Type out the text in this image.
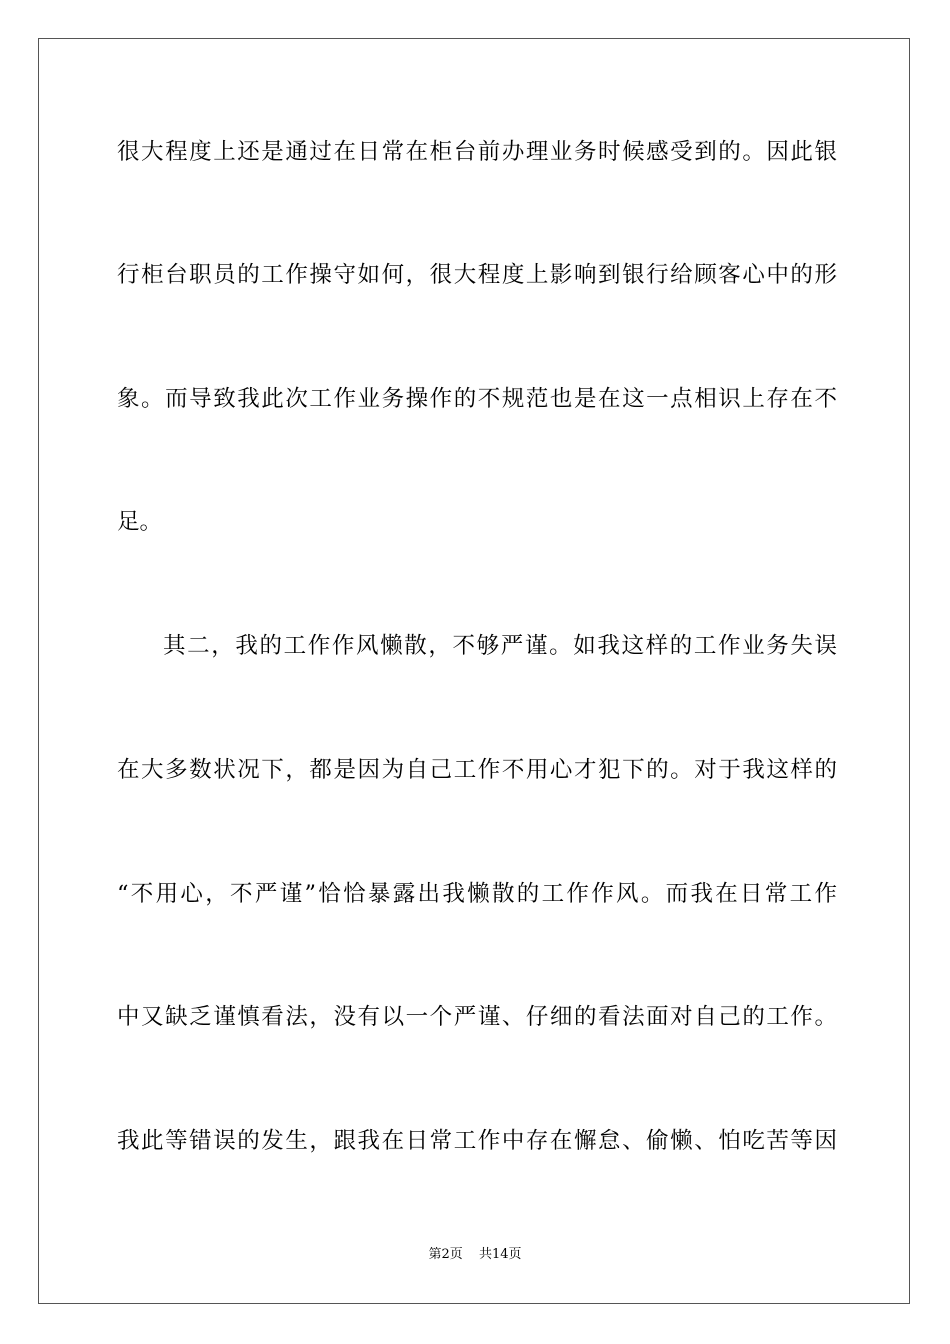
很大程度上还是通过在日常在柜台前办理业务时候感受到的。因此银

行柜台职员的工作操守如何，很大程度上影响到银行给顾客心中的形

象。而导致我此次工作业务操作的不规范也是在这一点相识上存在不

足。

其二，我的工作作风懒散，不够严谨。如我这样的工作业务失误

在大多数状况下，都是因为自己工作不用心才犯下的。对于我这样的

“不用心，不严谨”恰恰暴露出我懒散的工作作风。而我在日常工作

中又缺乏谨慎看法，没有以一个严谨、仔细的看法面对自己的工作。

我此等错误的发生，跟我在日常工作中存在懈怠、偷懒、怕吃苦等因

第2页 共14页
